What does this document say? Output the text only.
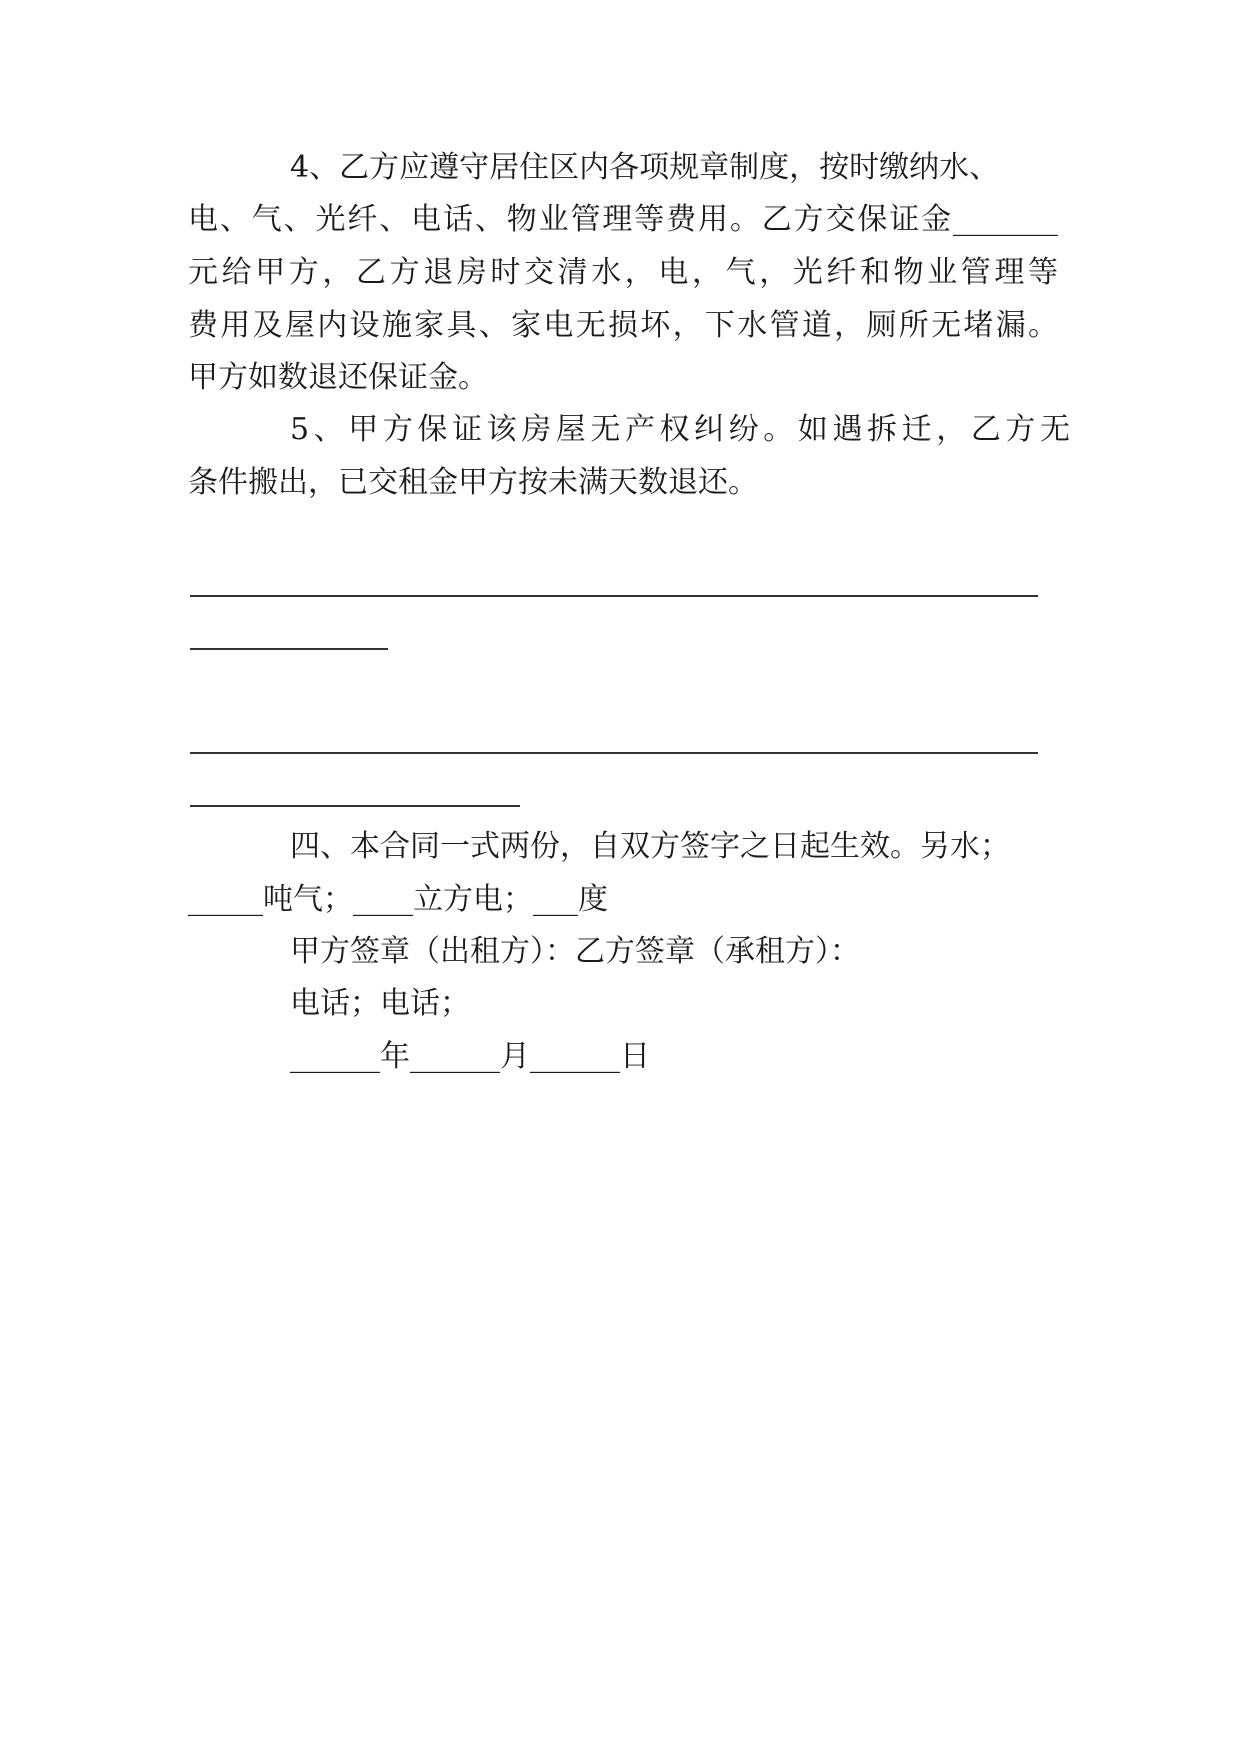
4、乙方应遵守居住区内各项规章制度，按时缴纳水、
电、气、光纤、电话、物业管理等费用。乙方交保证金_______
元给甲方，乙方退房时交清水，电，气，光纤和物业管理等
费用及屋内设施家具、家电无损坏，下水管道，厕所无堵漏。
甲方如数退还保证金。
5、甲方保证该房屋无产权纠纷。如遇拆迁，乙方无
条件搬出，已交租金甲方按未满天数退还。
四、本合同一式两份，自双方签字之日起生效。另水；
_____吨气；____立方电；___度
甲方签章（出租方）：乙方签章（承租方）：
电话；电话；
______年______月______日
